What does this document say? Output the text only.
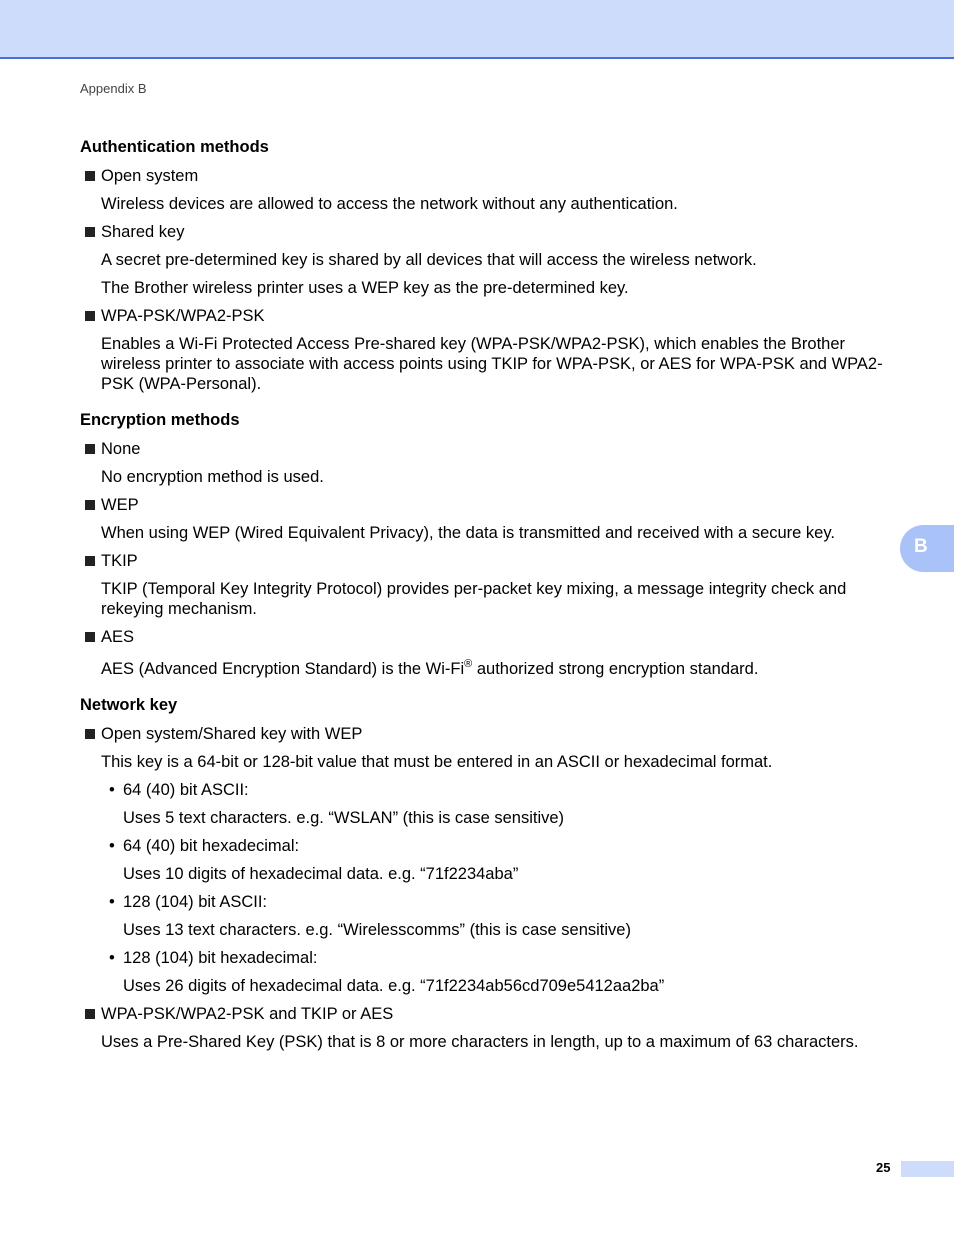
Appendix B
Authentication methods
Open system
Wireless devices are allowed to access the network without any authentication.
Shared key
A secret pre-determined key is shared by all devices that will access the wireless network.
The Brother wireless printer uses a WEP key as the pre-determined key.
WPA-PSK/WPA2-PSK
Enables a Wi-Fi Protected Access Pre-shared key (WPA-PSK/WPA2-PSK), which enables the Brother wireless printer to associate with access points using TKIP for WPA-PSK, or AES for WPA-PSK and WPA2-PSK (WPA-Personal).
Encryption methods
None
No encryption method is used.
WEP
When using WEP (Wired Equivalent Privacy), the data is transmitted and received with a secure key.
TKIP
TKIP (Temporal Key Integrity Protocol) provides per-packet key mixing, a message integrity check and rekeying mechanism.
AES
AES (Advanced Encryption Standard) is the Wi-Fi® authorized strong encryption standard.
Network key
Open system/Shared key with WEP
This key is a 64-bit or 128-bit value that must be entered in an ASCII or hexadecimal format.
• 64 (40) bit ASCII:
Uses 5 text characters. e.g. “WSLAN” (this is case sensitive)
• 64 (40) bit hexadecimal:
Uses 10 digits of hexadecimal data. e.g. “71f2234aba”
• 128 (104) bit ASCII:
Uses 13 text characters. e.g. “Wirelesscomms” (this is case sensitive)
• 128 (104) bit hexadecimal:
Uses 26 digits of hexadecimal data. e.g. “71f2234ab56cd709e5412aa2ba”
WPA-PSK/WPA2-PSK and TKIP or AES
Uses a Pre-Shared Key (PSK) that is 8 or more characters in length, up to a maximum of 63 characters.
B
25
